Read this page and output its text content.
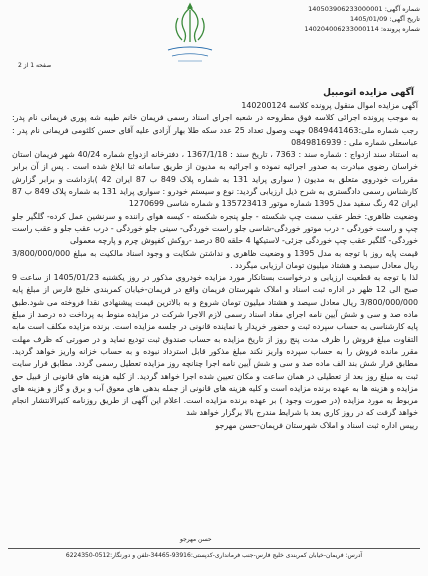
شماره آگهی: 140503906233000001
تاریخ آگهی: 1405/01/09
شماره پرونده: 140204006233000114
صفحه 1 از 2
آگهی مزایده اتومبیل

آگهی مزایده اموال منقول پرونده کلاسه 140200124

به موجب پرونده اجرائی کلاسه فوق مطروحه در شعبه اجرای اسناد رسمی فریمان خانم طیبه شه پوری فریمانی نام پدر: رجب شماره ملی:0849441463 جهت وصول تعداد 25 عدد سکه طلا بهار آزادی علیه آقای حسن کلثومی فریمانی نام پدر : عباسعلی شماره ملی : 0849816939

به استناد سند ازدواج : شماره سند : 7363 ، تاریخ سند : 1367/1/18 ، دفترخانه ازدواج شماره 40/24 شهر فریمان استان خراسان رضوی مبادرت به صدور اجرائیه نموده و اجرائیه به مدیون از طریق سامانه ثنا ابلاغ شده است . پس از آن برابر مقررات خودروی متعلق به مدیون ( سواری پراید 131 به شماره پلاک 849 ب 87 ایران 42 )بازداشت و برابر گزارش کارشناس رسمی دادگستری به شرح ذیل ارزیابی گردید: نوع و سیستم خودرو : سواری پراید 131 به شماره پلاک 849 ب 87 ایران 42 رنگ سفید مدل 1395 شماره موتور 135723413 و شماره شاسی 1270699

وضعیت ظاهری: خطر عقب سمت چپ شکسته - جلو پنجره شکسته - کیسه هوای راننده و سرنشین عمل کرده- گلگیر جلو چپ و راست خوردگی - درب موتور خوردگی-شاسی جلو راست خوردگی- سینی جلو خوردگی - درب عقب جلو و عقب راست خوردگی- گلگیر عقب چپ خوردگی جزئی- لاستیکها 4 حلقه 80 درصد -روکش کفپوش چرم و پارچه معمولی

قیمت پایه روز با توجه به مدل 1395 و وضعیت ظاهری و نداشتن شکایت و وجود اسناد مالکیت به مبلغ 3/800/000/000 ریال معادل سیصد و هشتاد میلیون تومان ارزیابی میگردد .

لذا با توجه به قطعیت ارزیابی و درخواست بستانکار مورد مزایده خودروی مذکور در روز یکشنبه 1405/01/23 از ساعت 9 صبح الی 12 ظهر در اداره ثبت اسناد و املاک شهرستان فریمان واقع در فریمان-خیابان کمربندی خلیج فارس از مبلغ پایه 3/800/000/000 ریال معادل سیصد و هشتاد میلیون تومان شروع و به بالاترین قیمت پیشنهادی نقدا فروخته می شود.طبق ماده صد و سی و شش آیین نامه اجرای مفاد اسناد رسمی لازم الاجرا شرکت در مزایده منوط به پرداخت ده درصد از مبلغ پایه کارشناسی به حساب سپرده ثبت و حضور خریدار یا نماینده قانونی در جلسه مزایده است. برنده مزایده مکلف است مابه التفاوت مبلغ فروش را ظرف مدت پنج روز از تاریخ مزایده به حساب صندوق ثبت تودیع نماید و در صورتی که ظرف مهلت مقرر مانده فروش را به حساب سپرده واریز نکند مبلغ مذکور قابل استرداد نبوده و به حساب خزانه واریز خواهد گردید. مطابق قرار شش بند الف ماده صد و سی و شش آیین نامه اجرا چنانچه روز مزایده تعطیل رسمی گردد. مطابق قرار سایت ثبت به مبلغ روز بعد از تعطیلی در همان ساعت و مکان تعیین شده اجرا خواهد گردید. از کلیه هزینه های قانونی از قبیل حق مزایده و هزینه ها به عهده برنده مزایده است و کلیه هزینه های قانونی از جمله بدهی های معوق آب و برق و گاز و هزینه های مربوط به مورد مزایده (در صورت وجود ) بر عهده برنده مزایده است. اعلام این آگهی از طریق روزنامه کثیرالانتشار انجام خواهد گرفت که در روز کاری بعد با شرایط مندرج بالا برگزار خواهد شد

رییس اداره ثبت اسناد و املاک شهرستان فریمان-حسن مهرجو

حسن مهرجو
آدرس: فریمان-خیابان کمربندی خلیج فارس-جنب فرمانداری-کدپستی:93916-34465-تلفن و دورنگار:0512-6224350
